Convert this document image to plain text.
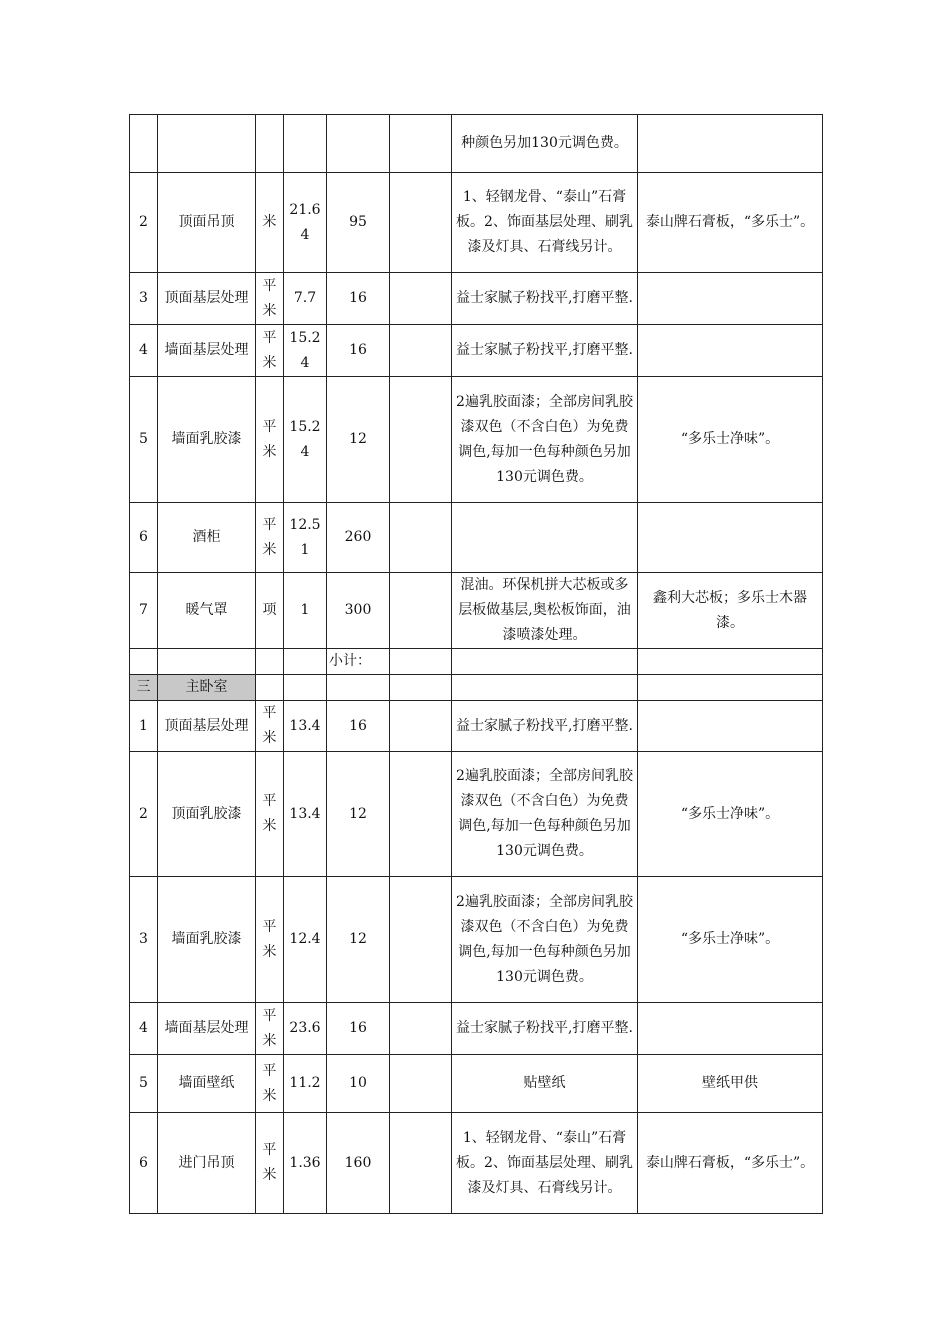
						种颜色另加130元调色费。	
2	顶面吊顶	米	21.64	95		1、轻钢龙骨、“泰山”石膏板。2、饰面基层处理、刷乳漆及灯具、石膏线另计。	泰山牌石膏板，“多乐士”。
3	顶面基层处理	平米	7.7	16		益士家腻子粉找平,打磨平整.	
4	墙面基层处理	平米	15.24	16		益士家腻子粉找平,打磨平整.	
5	墙面乳胶漆	平米	15.24	12		2遍乳胶面漆；全部房间乳胶漆双色（不含白色）为免费调色,每加一色每种颜色另加130元调色费。	“多乐士净味”。
6	酒柜	平米	12.51	260			
7	暖气罩	项	1	300		混油。环保机拼大芯板或多层板做基层,奥松板饰面，油漆喷漆处理。	鑫利大芯板；多乐士木器漆。
				小计：			
三	主卧室						
1	顶面基层处理	平米	13.4	16		益士家腻子粉找平,打磨平整.	
2	顶面乳胶漆	平米	13.4	12		2遍乳胶面漆；全部房间乳胶漆双色（不含白色）为免费调色,每加一色每种颜色另加130元调色费。	“多乐士净味”。
3	墙面乳胶漆	平米	12.4	12		2遍乳胶面漆；全部房间乳胶漆双色（不含白色）为免费调色,每加一色每种颜色另加130元调色费。	“多乐士净味”。
4	墙面基层处理	平米	23.6	16		益士家腻子粉找平,打磨平整.	
5	墙面壁纸	平米	11.2	10		贴壁纸	壁纸甲供
6	进门吊顶	平米	1.36	160		1、轻钢龙骨、“泰山”石膏板。2、饰面基层处理、刷乳漆及灯具、石膏线另计。	泰山牌石膏板，“多乐士”。
